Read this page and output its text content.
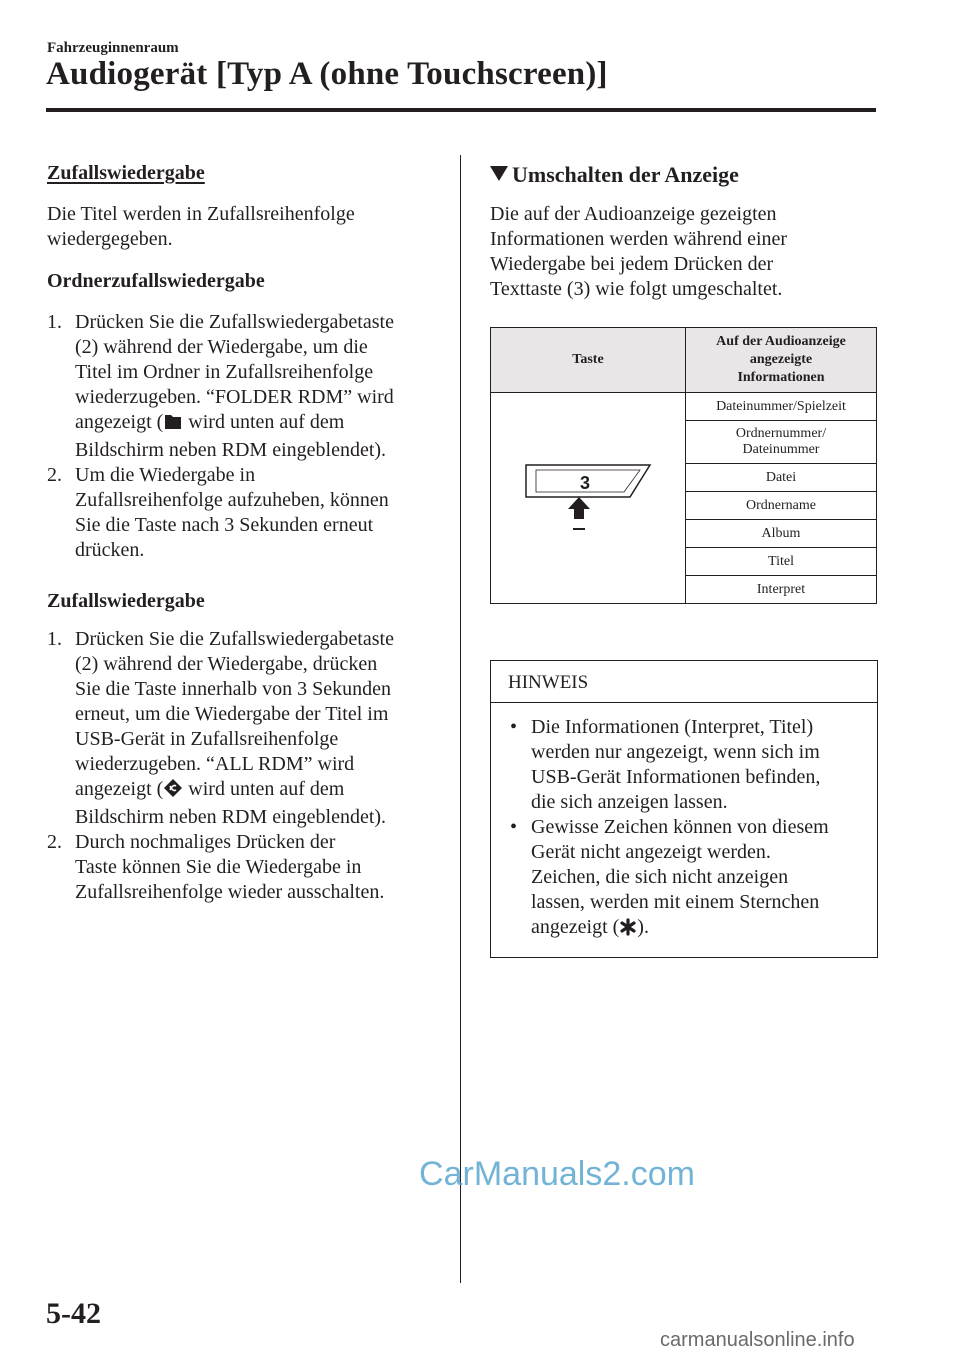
Fahrzeuginnenraum
Audiogerät [Typ A (ohne Touchscreen)]
Zufallswiedergabe
Die Titel werden in Zufallsreihenfolge
wiedergegeben.
Ordnerzufallswiedergabe
1. Drücken Sie die Zufallswiedergabetaste
(2) während der Wiedergabe, um die
Titel im Ordner in Zufallsreihenfolge
wiederzugeben. “FOLDER RDM” wird
angezeigt ( wird unten auf dem
Bildschirm neben RDM eingeblendet).
2. Um die Wiedergabe in
Zufallsreihenfolge aufzuheben, können
Sie die Taste nach 3 Sekunden erneut
drücken.
Zufallswiedergabe
1. Drücken Sie die Zufallswiedergabetaste
(2) während der Wiedergabe, drücken
Sie die Taste innerhalb von 3 Sekunden
erneut, um die Wiedergabe der Titel im
USB-Gerät in Zufallsreihenfolge
wiederzugeben. “ALL RDM” wird
angezeigt ( wird unten auf dem
Bildschirm neben RDM eingeblendet).
2. Durch nochmaliges Drücken der
Taste können Sie die Wiedergabe in
Zufallsreihenfolge wieder ausschalten.
Umschalten der Anzeige
Die auf der Audioanzeige gezeigten
Informationen werden während einer
Wiedergabe bei jedem Drücken der
Texttaste (3) wie folgt umgeschaltet.
Taste	Auf der Audioanzeige
angezeigte
Informationen

3	Dateinummer/Spielzeit

	Ordnernummer/
Dateinummer

	Datei
	Ordnername
	Album
	Titel
	Interpret
HINWEIS
• Die Informationen (Interpret, Titel)
werden nur angezeigt, wenn sich im
USB-Gerät Informationen befinden,
die sich anzeigen lassen.
• Gewisse Zeichen können von diesem
Gerät nicht angezeigt werden.
Zeichen, die sich nicht anzeigen
lassen, werden mit einem Sternchen
angezeigt ( ).
5-42
CarManuals2.com
carmanualsonline.info
